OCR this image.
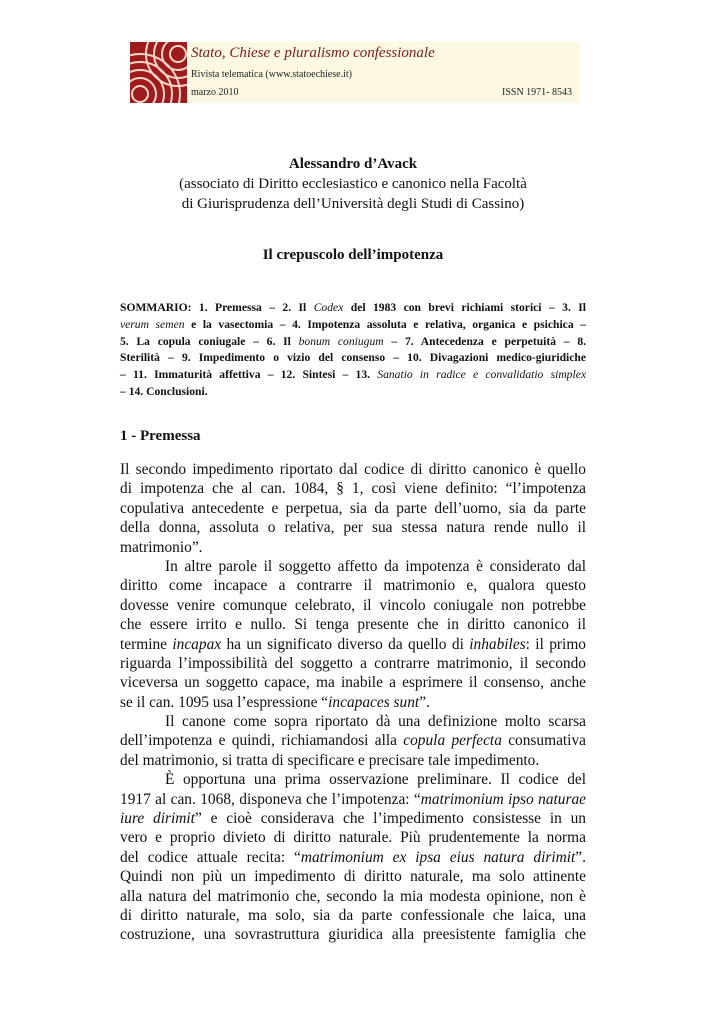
Stato, Chiese e pluralismo confessionale
Rivista telematica (www.statoechiese.it)
marzo 2010	ISSN 1971- 8543
Alessandro d’Avack
(associato di Diritto ecclesiastico e canonico nella Facoltà
di Giurisprudenza dell’Università degli Studi di Cassino)
Il crepuscolo dell’impotenza
SOMMARIO: 1. Premessa – 2. Il Codex del 1983 con brevi richiami storici – 3. Il
verum semen e la vasectomia – 4. Impotenza assoluta e relativa, organica e psichica –
5. La copula coniugale – 6. Il bonum coniugum – 7. Antecedenza e perpetuità – 8.
Sterilità – 9. Impedimento o vizio del consenso – 10. Divagazioni medico-giuridiche
– 11. Immaturità affettiva – 12. Sintesi – 13. Sanatio in radice e convalidatio simplex
– 14. Conclusioni.
1 - Premessa
Il secondo impedimento riportato dal codice di diritto canonico è quello
di impotenza che al can. 1084, § 1, così viene definito: “l’impotenza
copulativa antecedente e perpetua, sia da parte dell’uomo, sia da parte
della donna, assoluta o relativa, per sua stessa natura rende nullo il
matrimonio”.
In altre parole il soggetto affetto da impotenza è considerato dal
diritto come incapace a contrarre il matrimonio e, qualora questo
dovesse venire comunque celebrato, il vincolo coniugale non potrebbe
che essere irrito e nullo. Si tenga presente che in diritto canonico il
termine incapax ha un significato diverso da quello di inhabiles: il primo
riguarda l’impossibilità del soggetto a contrarre matrimonio, il secondo
viceversa un soggetto capace, ma inabile a esprimere il consenso, anche
se il can. 1095 usa l’espressione “incapaces sunt”.
Il canone come sopra riportato dà una definizione molto scarsa
dell’impotenza e quindi, richiamandosi alla copula perfecta consumativa
del matrimonio, si tratta di specificare e precisare tale impedimento.
È opportuna una prima osservazione preliminare. Il codice del
1917 al can. 1068, disponeva che l’impotenza: “matrimonium ipso naturae
iure dirimit” e cioè considerava che l’impedimento consistesse in un
vero e proprio divieto di diritto naturale. Più prudentemente la norma
del codice attuale recita: “matrimonium ex ipsa eius natura dirimit”.
Quindi non più un impedimento di diritto naturale, ma solo attinente
alla natura del matrimonio che, secondo la mia modesta opinione, non è
di diritto naturale, ma solo, sia da parte confessionale che laica, una
costruzione, una sovrastruttura giuridica alla preesistente famiglia che
